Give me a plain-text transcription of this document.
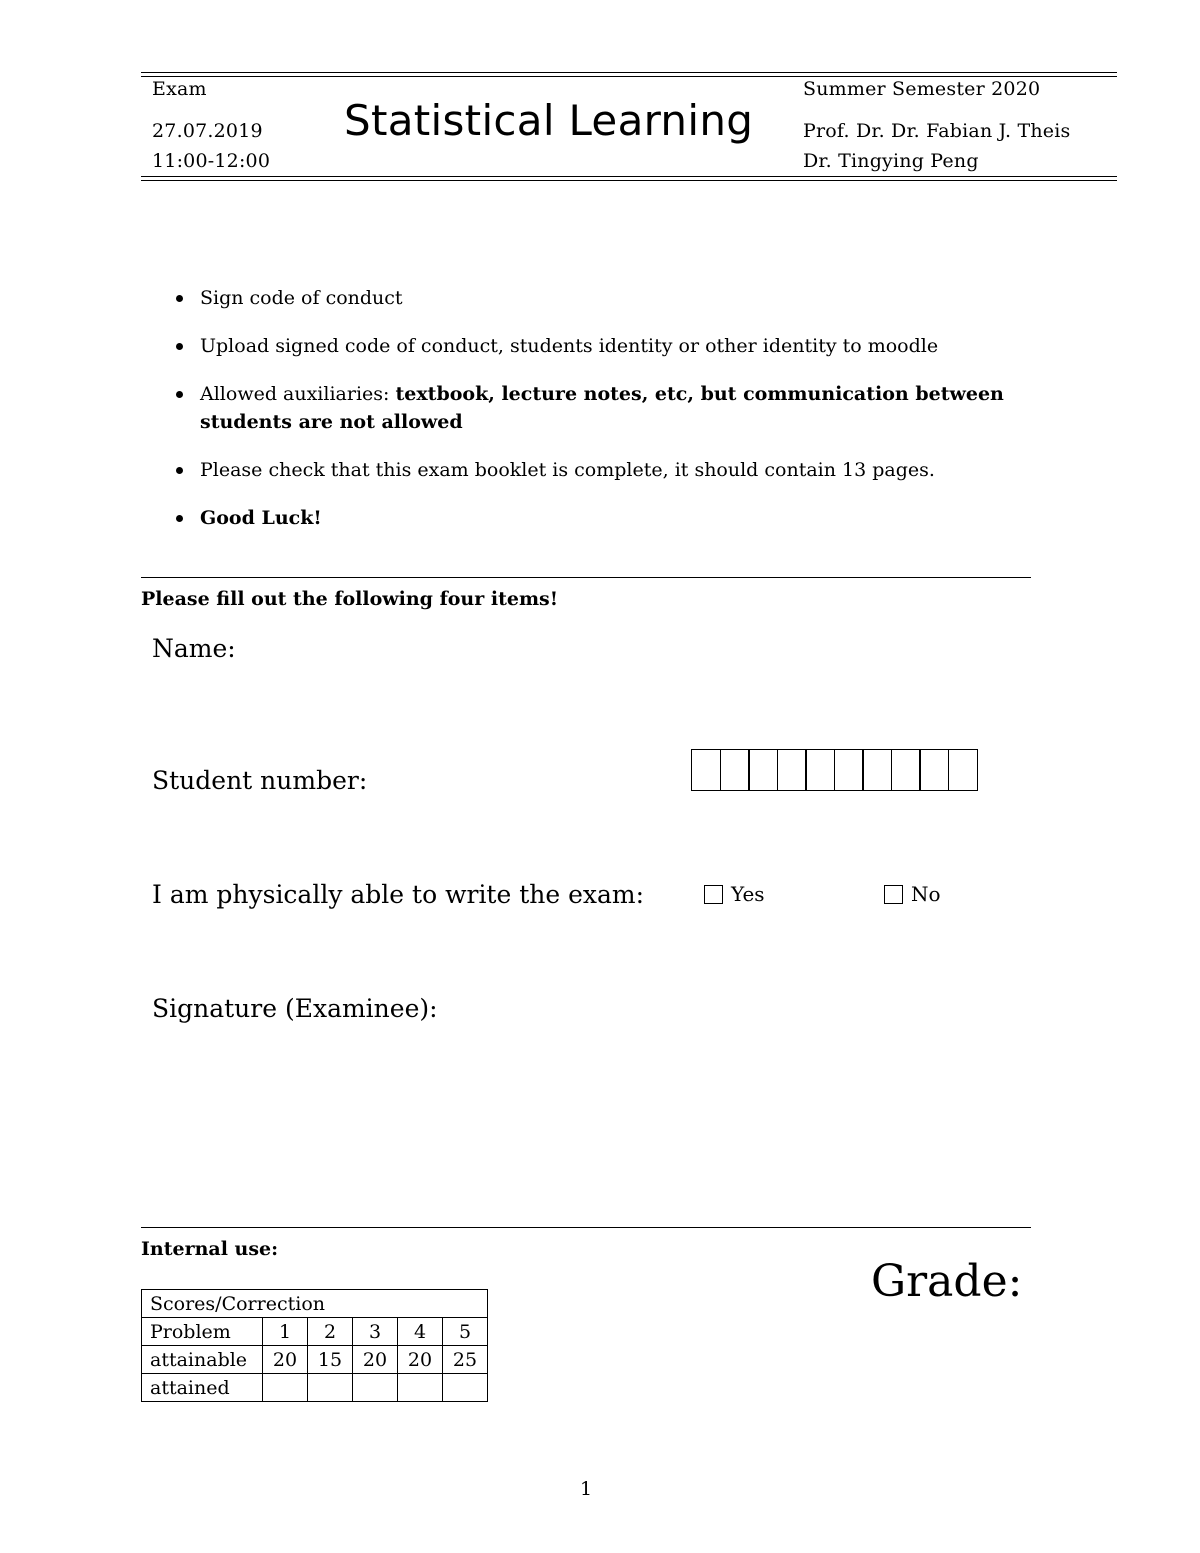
Exam
27.07.2019
11:00-12:00
Statistical Learning
Summer Semester 2020
Prof. Dr. Dr. Fabian J. Theis
Dr. Tingying Peng
Sign code of conduct
Upload signed code of conduct, students identity or other identity to moodle
Allowed auxiliaries: textbook, lecture notes, etc, but communication between students are not allowed
Please check that this exam booklet is complete, it should contain 13 pages.
Good Luck!
Please fill out the following four items!
Name:
Student number:
I am physically able to write the exam:	Yes	No
Signature (Examinee):
Internal use:
Grade:
Scores/Correction					
Problem	1	2	3	4	5
attainable	20	15	20	20	25
attained					
1
